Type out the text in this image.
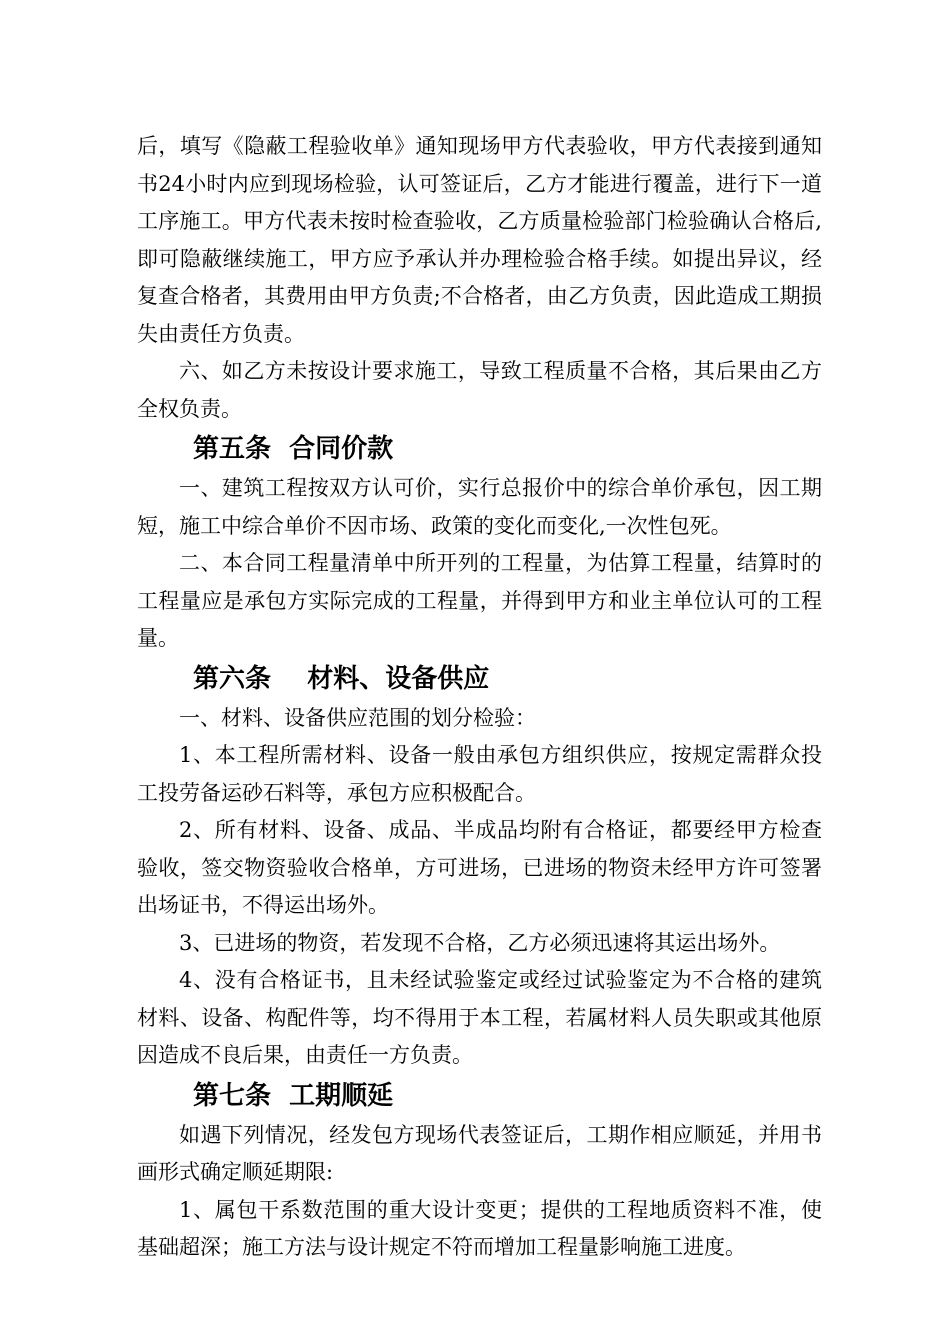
后，填写《隐蔽工程验收单》通知现场甲方代表验收，甲方代表接到通知书24小时内应到现场检验，认可签证后，乙方才能进行覆盖，进行下一道工序施工。甲方代表未按时检查验收，乙方质量检验部门检验确认合格后,即可隐蔽继续施工，甲方应予承认并办理检验合格手续。如提出异议，经复查合格者，其费用由甲方负责;不合格者，由乙方负责，因此造成工期损失由责任方负责。

六、如乙方未按设计要求施工，导致工程质量不合格，其后果由乙方全权负责。

第五条  合同价款

一、建筑工程按双方认可价，实行总报价中的综合单价承包，因工期短，施工中综合单价不因市场、政策的变化而变化,一次性包死。

二、本合同工程量清单中所开列的工程量，为估算工程量，结算时的工程量应是承包方实际完成的工程量，并得到甲方和业主单位认可的工程量。

第六条    材料、设备供应

一、材料、设备供应范围的划分检验：

1、本工程所需材料、设备一般由承包方组织供应，按规定需群众投工投劳备运砂石料等，承包方应积极配合。

2、所有材料、设备、成品、半成品均附有合格证，都要经甲方检查验收，签交物资验收合格单，方可进场，已进场的物资未经甲方许可签署出场证书，不得运出场外。

3、已进场的物资，若发现不合格，乙方必须迅速将其运出场外。

4、没有合格证书，且未经试验鉴定或经过试验鉴定为不合格的建筑材料、设备、构配件等，均不得用于本工程，若属材料人员失职或其他原因造成不良后果，由责任一方负责。

第七条  工期顺延

如遇下列情况，经发包方现场代表签证后，工期作相应顺延，并用书画形式确定顺延期限:

1、属包干系数范围的重大设计变更；提供的工程地质资料不准，使基础超深；施工方法与设计规定不符而增加工程量影响施工进度。
